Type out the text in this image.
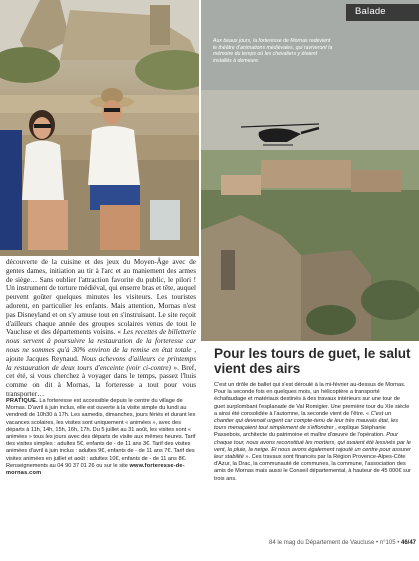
Balade
Aux beaux jours, la forteresse de Mornas redevient le théâtre d'animations médiévales, qui raviveront la mémoire du temps où les chevaliers y étaient installés à demeure.

découverte de la cuisine et des jeux du Moyen-Âge avec de gentes dames, initiation au tir à l'arc et au maniement des armes de siège… Sans oublier l'attraction favorite du public, le pilori ! Un instrument de torture médiéval, qui enserre bras et tête, auquel peuvent goûter quelques minutes les visiteurs. Les touristes adorent, en particulier les enfants. Mais attention, Mornas n'est pas Disneyland et on s'y amuse tout en s'instruisant. Le site reçoit d'ailleurs chaque année des groupes scolaires venus de tout le Vaucluse et des départements voisins. « Les recettes de billetterie nous servent à poursuivre la restauration de la forteresse car nous ne sommes qu'à 30% environ de la remise en état totale , ajoute Jacques Reynaud. Nous achevons d'ailleurs ce printemps la restauration de deux tours d'enceinte (voir ci-contre) ». Bref, cet été, si vous cherchez à voyager dans le temps, passez l'huis comme on dit à Mornas, la forteresse a tout pour vous transporter…

PRATIQUE. La forteresse est accessible depuis le centre du village de Mornas. D'avril à juin inclus, elle est ouverte à la visite simple du lundi au vendredi de 10h30 à 17h. Les samedis, dimanches, jours fériés et durant les vacances scolaires, les visites sont uniquement « animées », avec des départs à 11h, 14h, 15h, 16h, 17h. Du 5 juillet au 31 août, les visites sont « animées » tous les jours avec des départs de visite aux mêmes heures. Tarif des visites simples : adultes 5€, enfants de - de 11 ans 3€. Tarif des visites animées d'avril à juin inclus : adultes 9€, enfants de - de 11 ans 7€. Tarif des visites animées en juillet et août : adultes 10€, enfants de - de 11 ans 8€. Renseignements au 04 90 37 01 26 ou sur le site www.forteresse-de-mornas.com
Pour les tours de guet, le salut vient des airs
C'est un drôle de ballet qui s'est déroulé à la mi-février au-dessus de Mornas. Pour la seconde fois en quelques mois, un hélicoptère a transporté échafaudage et matériaux destinés à des travaux intérieurs sur une tour de guet surplombant l'esplanade de Val Romigier. Une première tour du XIe siècle a ainsi été consolidée à l'automne, la seconde vient de l'être. « C'est un chantier qui devenait urgent car compte-tenu de leur très mauvais état, les tours menaçaient tout simplement de s'effondrer , explique Stéphanie Passebois, architecte du patrimoine et maître d'œuvre de l'opération. Pour chaque tour, nous avons reconstitué les mortiers, qui avaient été lessivés par le vent, la pluie, la neige. Et nous avons également rajouté un centre pour assurer leur stabilité ». Ces travaux sont financés par la Région Provence-Alpes-Côte d'Azur, la Drac, la communauté de communes, la commune, l'association des amis de Mornas mais aussi le Conseil départemental, à hauteur de 45 000€ sur trois ans.
84 le mag du Département de Vaucluse • n°105 • 46/47
